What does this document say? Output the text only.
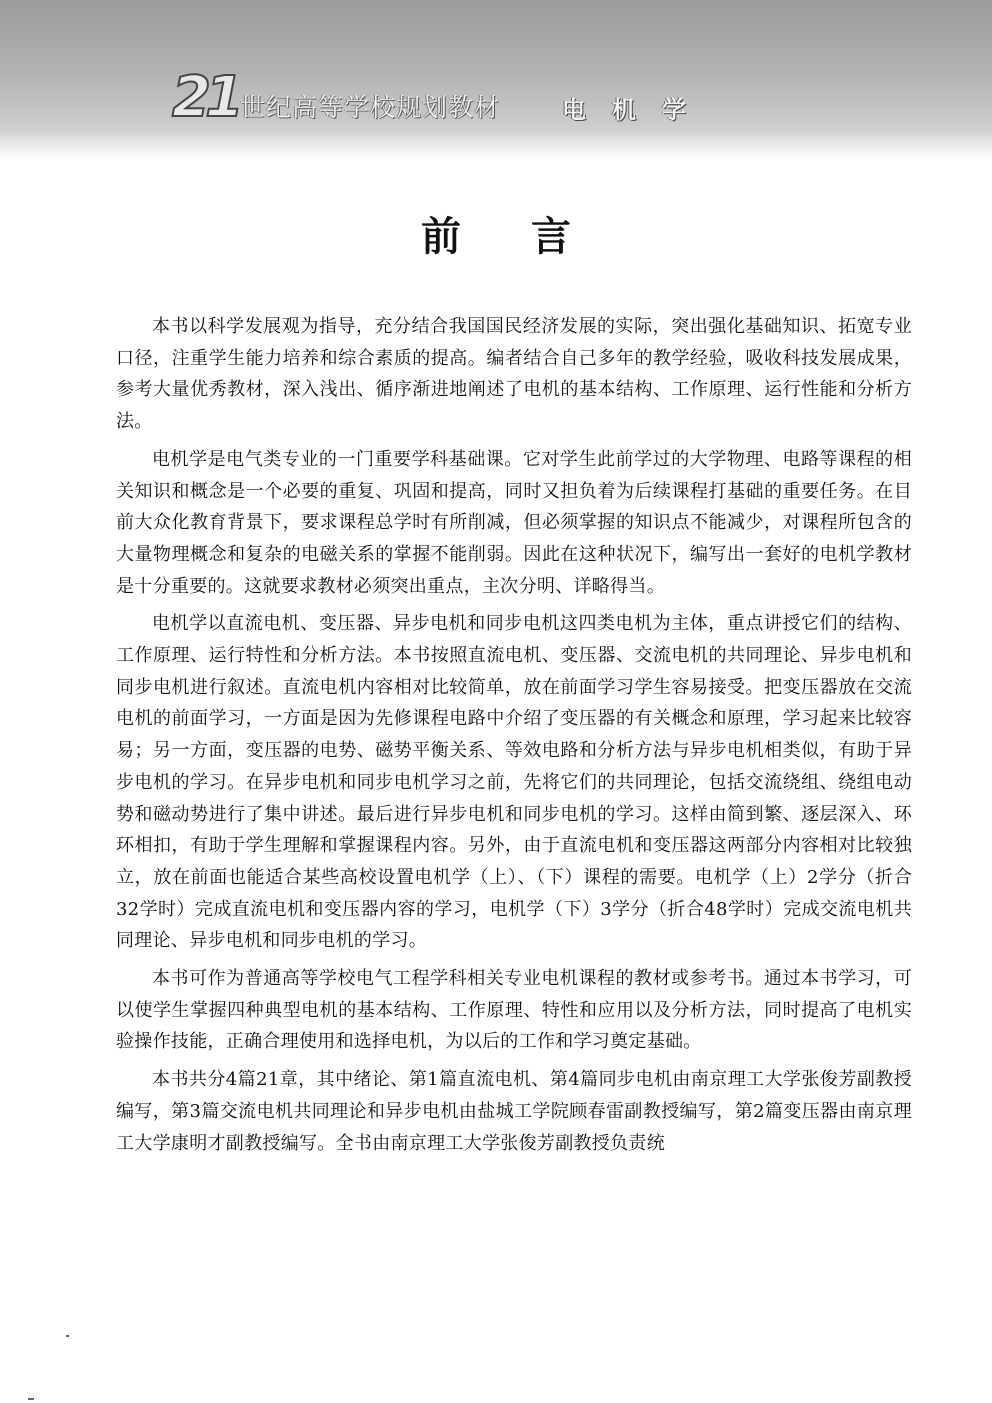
21 世纪高等学校规划教材	电机学
前言

本书以科学发展观为指导，充分结合我国国民经济发展的实际，突出强化基础知识、拓宽专业口径，注重学生能力培养和综合素质的提高。编者结合自己多年的教学经验，吸收科技发展成果，参考大量优秀教材，深入浅出、循序渐进地阐述了电机的基本结构、工作原理、运行性能和分析方法。

电机学是电气类专业的一门重要学科基础课。它对学生此前学过的大学物理、电路等课程的相关知识和概念是一个必要的重复、巩固和提高，同时又担负着为后续课程打基础的重要任务。在目前大众化教育背景下，要求课程总学时有所削减，但必须掌握的知识点不能减少，对课程所包含的大量物理概念和复杂的电磁关系的掌握不能削弱。因此在这种状况下，编写出一套好的电机学教材是十分重要的。这就要求教材必须突出重点，主次分明、详略得当。

电机学以直流电机、变压器、异步电机和同步电机这四类电机为主体，重点讲授它们的结构、工作原理、运行特性和分析方法。本书按照直流电机、变压器、交流电机的共同理论、异步电机和同步电机进行叙述。直流电机内容相对比较简单，放在前面学习学生容易接受。把变压器放在交流电机的前面学习，一方面是因为先修课程电路中介绍了变压器的有关概念和原理，学习起来比较容易；另一方面，变压器的电势、磁势平衡关系、等效电路和分析方法与异步电机相类似，有助于异步电机的学习。在异步电机和同步电机学习之前，先将它们的共同理论，包括交流绕组、绕组电动势和磁动势进行了集中讲述。最后进行异步电机和同步电机的学习。这样由简到繁、逐层深入、环环相扣，有助于学生理解和掌握课程内容。另外，由于直流电机和变压器这两部分内容相对比较独立，放在前面也能适合某些高校设置电机学（上）、（下）课程的需要。电机学（上）2学分（折合32学时）完成直流电机和变压器内容的学习，电机学（下）3学分（折合48学时）完成交流电机共同理论、异步电机和同步电机的学习。

本书可作为普通高等学校电气工程学科相关专业电机课程的教材或参考书。通过本书学习，可以使学生掌握四种典型电机的基本结构、工作原理、特性和应用以及分析方法，同时提高了电机实验操作技能，正确合理使用和选择电机，为以后的工作和学习奠定基础。

本书共分4篇21章，其中绪论、第1篇直流电机、第4篇同步电机由南京理工大学张俊芳副教授编写，第3篇交流电机共同理论和异步电机由盐城工学院顾春雷副教授编写，第2篇变压器由南京理工大学康明才副教授编写。全书由南京理工大学张俊芳副教授负责统
